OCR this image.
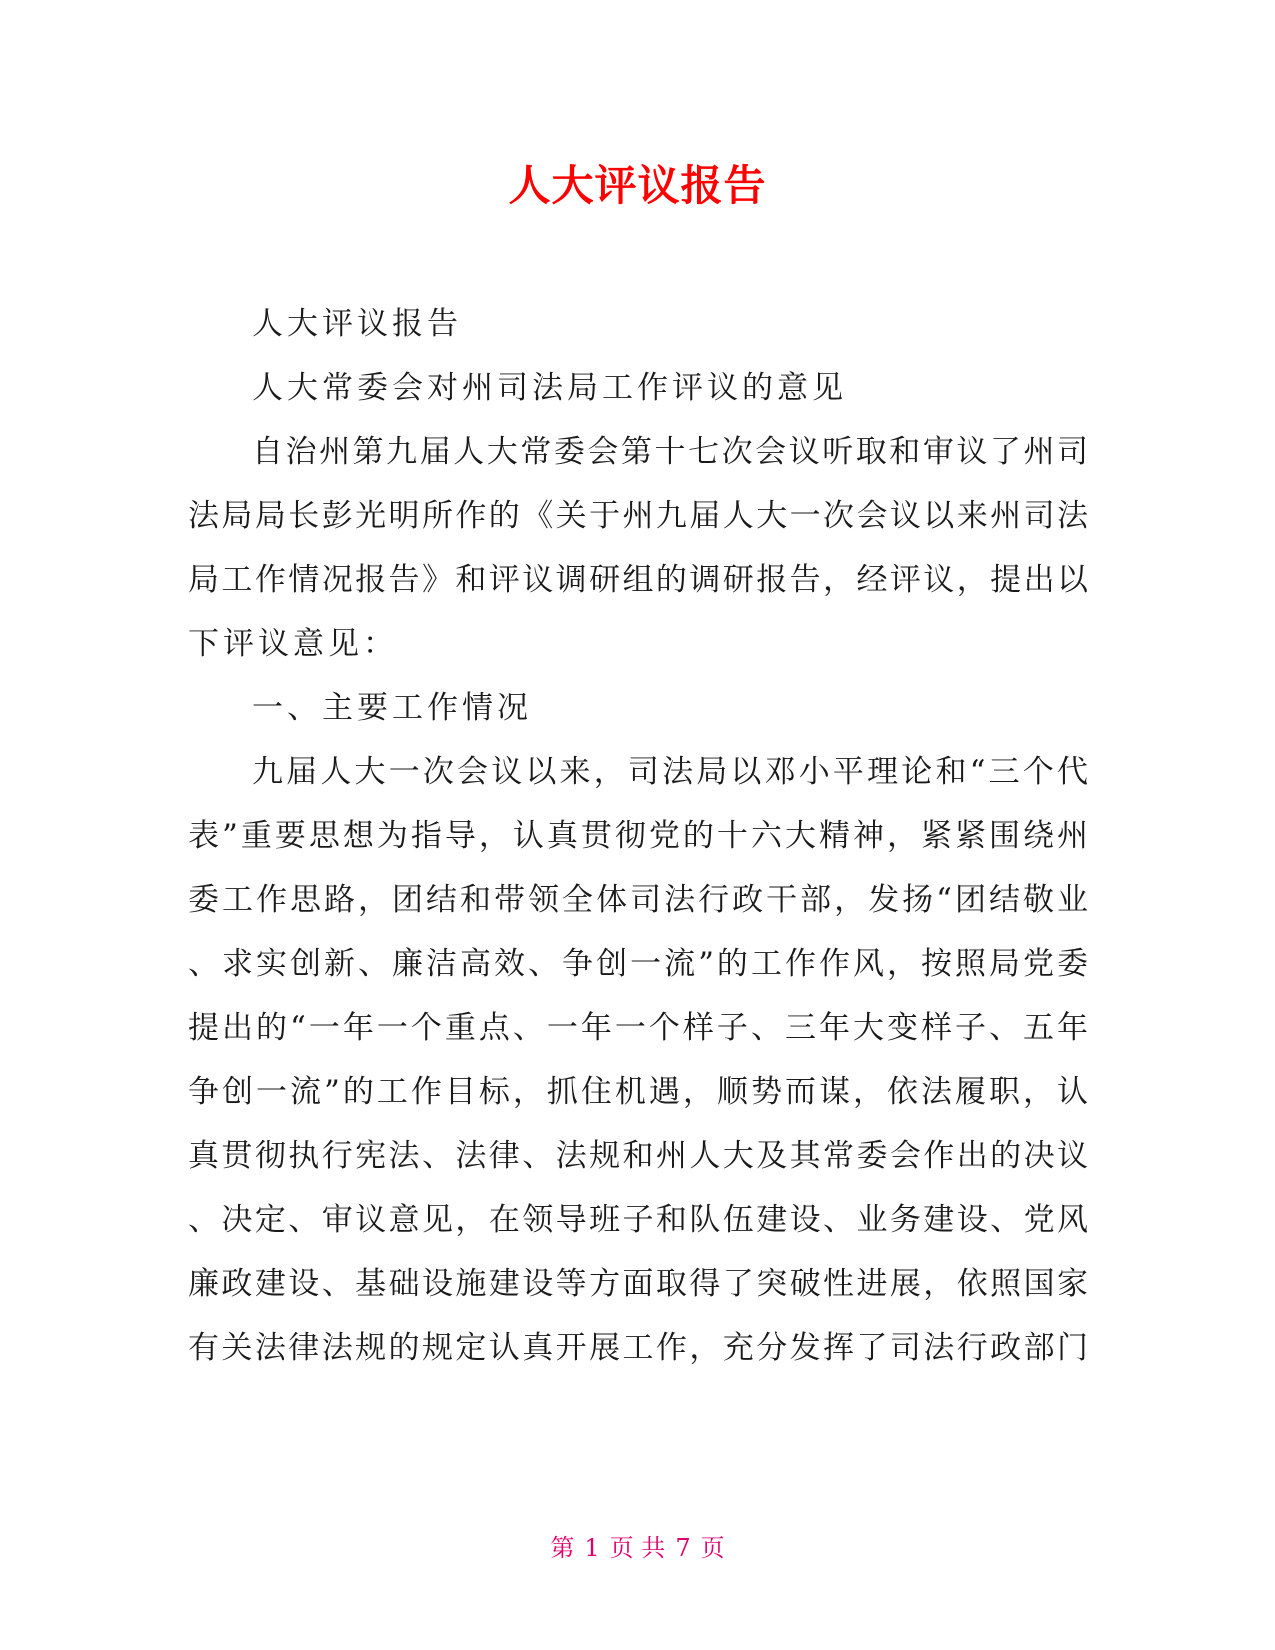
人大评议报告
人大评议报告
人大常委会对州司法局工作评议的意见
自治州第九届人大常委会第十七次会议听取和审议了州司
法局局长彭光明所作的《关于州九届人大一次会议以来州司法
局工作情况报告》和评议调研组的调研报告，经评议，提出以
下评议意见：
一、主要工作情况
九届人大一次会议以来，司法局以邓小平理论和“三个代
表”重要思想为指导，认真贯彻党的十六大精神，紧紧围绕州
委工作思路，团结和带领全体司法行政干部，发扬“团结敬业
、求实创新、廉洁高效、争创一流”的工作作风，按照局党委
提出的“一年一个重点、一年一个样子、三年大变样子、五年
争创一流”的工作目标，抓住机遇，顺势而谋，依法履职，认
真贯彻执行宪法、法律、法规和州人大及其常委会作出的决议
、决定、审议意见，在领导班子和队伍建设、业务建设、党风
廉政建设、基础设施建设等方面取得了突破性进展，依照国家
有关法律法规的规定认真开展工作，充分发挥了司法行政部门
第 1 页 共 7 页
